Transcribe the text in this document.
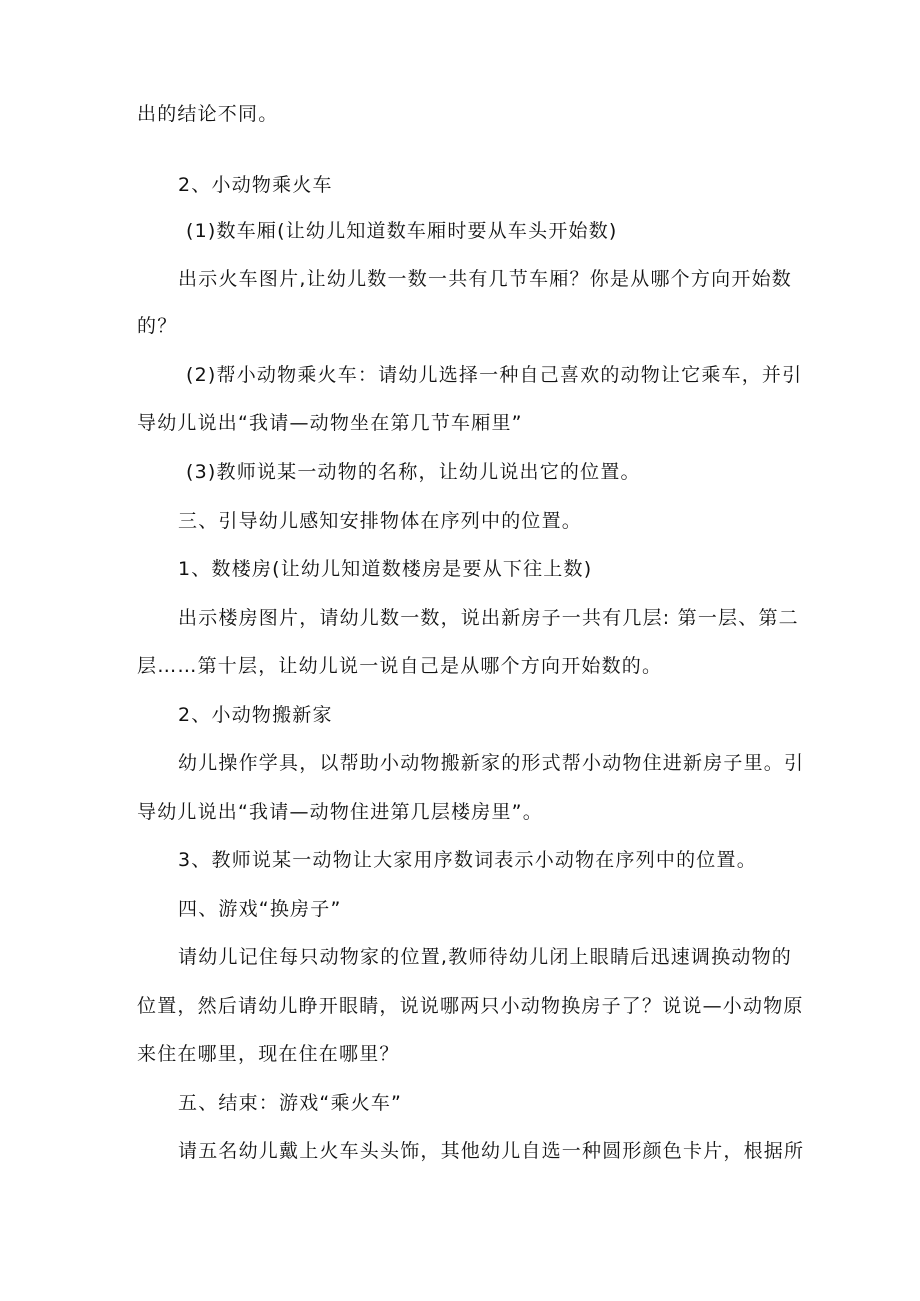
出的结论不同。
2、小动物乘火车
(1)数车厢(让幼儿知道数车厢时要从车头开始数)
出示火车图片,让幼儿数一数一共有几节车厢？你是从哪个方向开始数
的？
(2)帮小动物乘火车：请幼儿选择一种自己喜欢的动物让它乘车，并引
导幼儿说出“我请—动物坐在第几节车厢里”
(3)教师说某一动物的名称，让幼儿说出它的位置。
三、引导幼儿感知安排物体在序列中的位置。
1、数楼房(让幼儿知道数楼房是要从下往上数)
出示楼房图片，请幼儿数一数，说出新房子一共有几层: 第一层、第二
层……第十层，让幼儿说一说自己是从哪个方向开始数的。
2、小动物搬新家
幼儿操作学具，以帮助小动物搬新家的形式帮小动物住进新房子里。引
导幼儿说出“我请—动物住进第几层楼房里”。
3、教师说某一动物让大家用序数词表示小动物在序列中的位置。
四、游戏“换房子”
请幼儿记住每只动物家的位置,教师待幼儿闭上眼睛后迅速调换动物的
位置，然后请幼儿睁开眼睛，说说哪两只小动物换房子了？说说—小动物原
来住在哪里，现在住在哪里？
五、结束：游戏“乘火车”
请五名幼儿戴上火车头头饰，其他幼儿自选一种圆形颜色卡片，根据所
